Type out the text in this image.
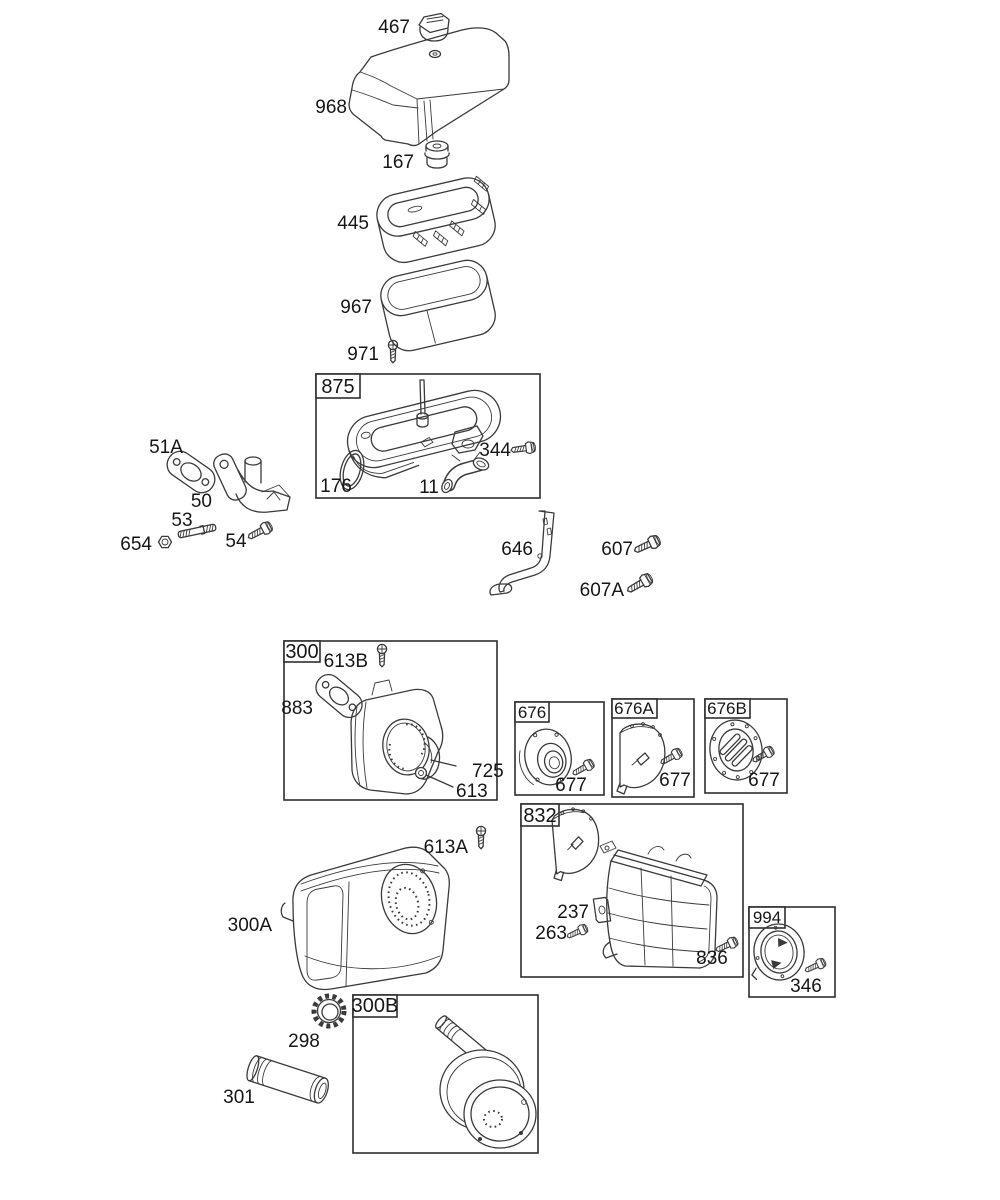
467
968
167
445
967
971
875
176	11
344
51A
50
53
54
654	646	607
607A
300 613B
883
725
613
676
677
676A
677
676B
677
832
237
263
836
994
346
300A
613A
298
301
300B
